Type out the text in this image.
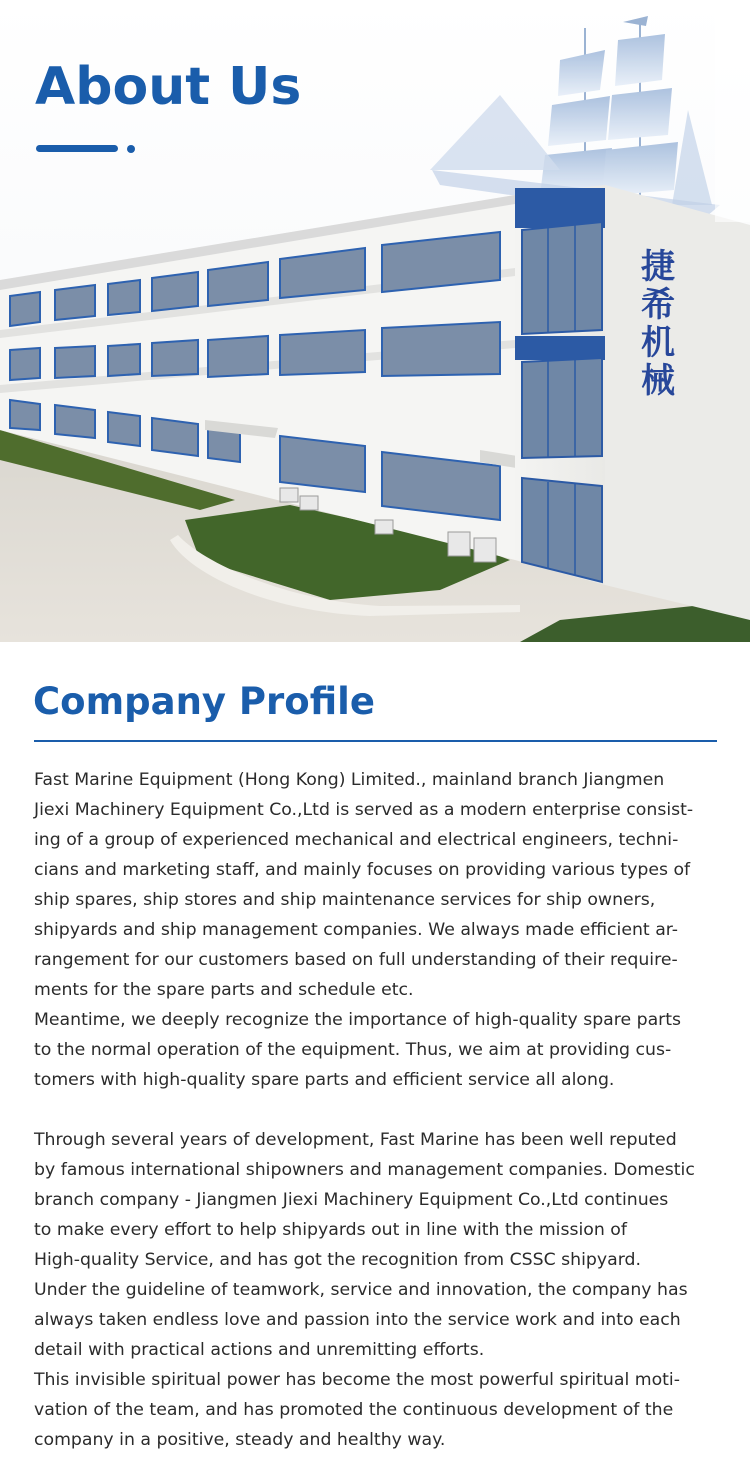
捷
希
机
械
About Us
Company Profile

Fast Marine Equipment (Hong Kong) Limited., mainland branch Jiangmen

Jiexi Machinery Equipment Co.,Ltd is served as a modern enterprise consist-

ing of a group of experienced mechanical and electrical engineers, techni-

cians and marketing staff, and mainly focuses on providing various types of

ship spares, ship stores and ship maintenance services for ship owners,

shipyards and ship management companies. We always made efficient ar-

rangement for our customers based on full understanding of their require-

ments for the spare parts and schedule etc.

Meantime, we deeply recognize the importance of high-quality spare parts

to the normal operation of the equipment. Thus, we aim at providing cus-

tomers with high-quality spare parts and efficient service all along.

Through several years of development, Fast Marine has been well reputed

by famous international shipowners and management companies. Domestic

branch company - Jiangmen Jiexi Machinery Equipment Co.,Ltd continues

to make every effort to help shipyards out in line with the mission of

High-quality Service, and has got the recognition from CSSC shipyard.

Under the guideline of teamwork, service and innovation, the company has

always taken endless love and passion into the service work and into each

detail with practical actions and unremitting efforts.

This invisible spiritual power has become the most powerful spiritual moti-

vation of the team, and has promoted the continuous development of the

company in a positive, steady and healthy way.
